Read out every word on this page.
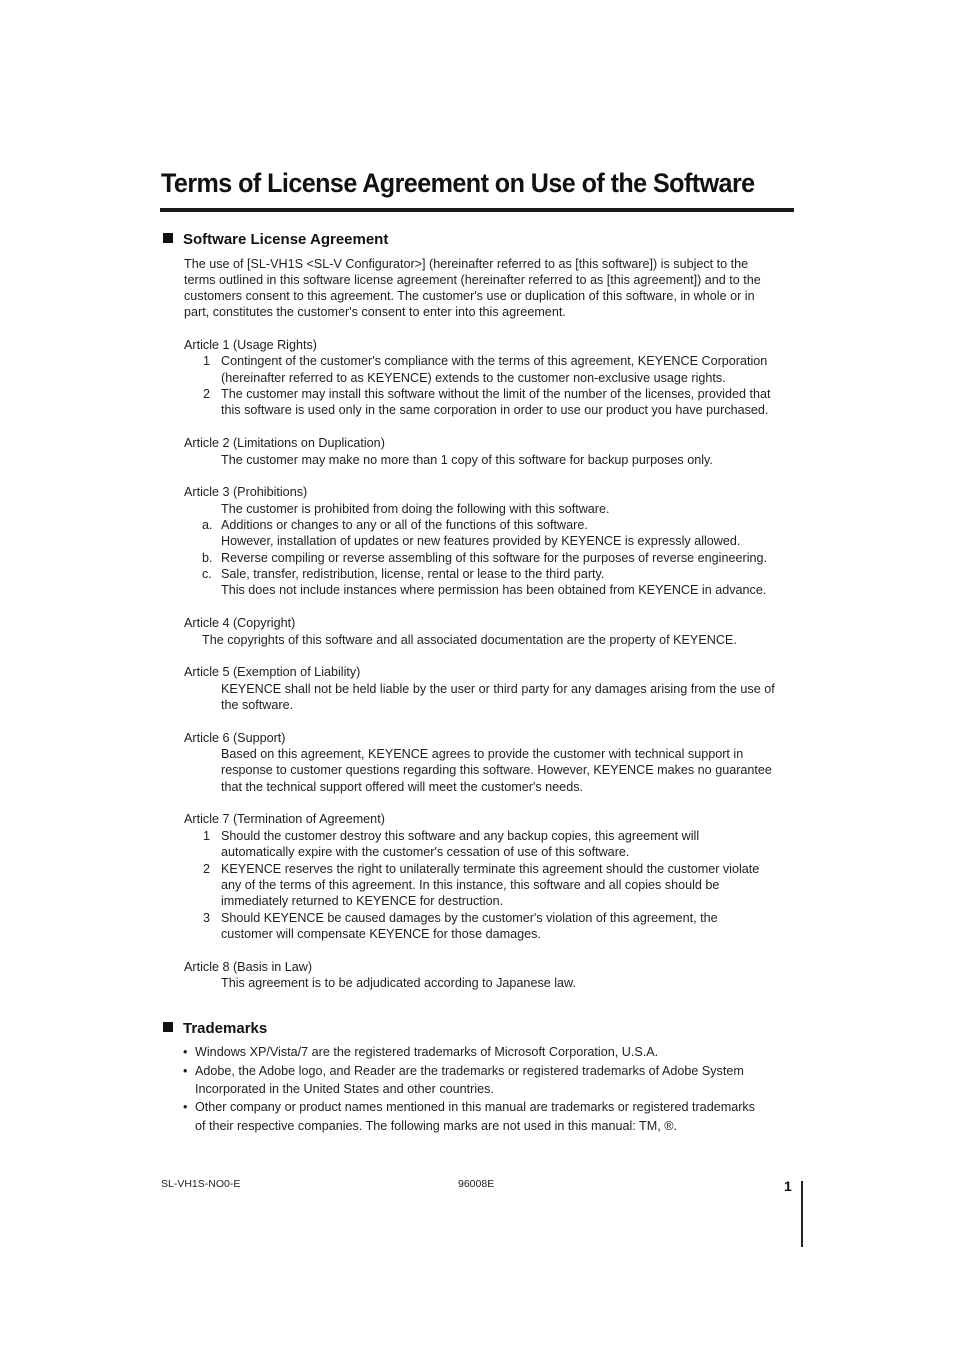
Terms of License Agreement on Use of the Software
Software License Agreement
The use of [SL-VH1S <SL-V Configurator>] (hereinafter referred to as [this software]) is subject to the
terms outlined in this software license agreement (hereinafter referred to as [this agreement]) and to the
customers consent to this agreement. The customer's use or duplication of this software, in whole or in
part, constitutes the customer's consent to enter into this agreement.
Article 1 (Usage Rights)
1 Contingent of the customer's compliance with the terms of this agreement, KEYENCE Corporation
(hereinafter referred to as KEYENCE) extends to the customer non-exclusive usage rights.
2 The customer may install this software without the limit of the number of the licenses, provided that
this software is used only in the same corporation in order to use our product you have purchased.
Article 2 (Limitations on Duplication)
The customer may make no more than 1 copy of this software for backup purposes only.
Article 3 (Prohibitions)
The customer is prohibited from doing the following with this software.
a. Additions or changes to any or all of the functions of this software.
However, installation of updates or new features provided by KEYENCE is expressly allowed.
b. Reverse compiling or reverse assembling of this software for the purposes of reverse engineering.
c. Sale, transfer, redistribution, license, rental or lease to the third party.
This does not include instances where permission has been obtained from KEYENCE in advance.
Article 4 (Copyright)
The copyrights of this software and all associated documentation are the property of KEYENCE.
Article 5 (Exemption of Liability)
KEYENCE shall not be held liable by the user or third party for any damages arising from the use of
the software.
Article 6 (Support)
Based on this agreement, KEYENCE agrees to provide the customer with technical support in
response to customer questions regarding this software. However, KEYENCE makes no guarantee
that the technical support offered will meet the customer's needs.
Article 7 (Termination of Agreement)
1 Should the customer destroy this software and any backup copies, this agreement will
automatically expire with the customer's cessation of use of this software.
2 KEYENCE reserves the right to unilaterally terminate this agreement should the customer violate
any of the terms of this agreement. In this instance, this software and all copies should be
immediately returned to KEYENCE for destruction.
3 Should KEYENCE be caused damages by the customer's violation of this agreement, the
customer will compensate KEYENCE for those damages.
Article 8 (Basis in Law)
This agreement is to be adjudicated according to Japanese law.
Trademarks
• Windows XP/Vista/7 are the registered trademarks of Microsoft Corporation, U.S.A.
• Adobe, the Adobe logo, and Reader are the trademarks or registered trademarks of Adobe System
Incorporated in the United States and other countries.
• Other company or product names mentioned in this manual are trademarks or registered trademarks
of their respective companies. The following marks are not used in this manual: TM, ®.
SL-VH1S-NO0-E	96008E	1
